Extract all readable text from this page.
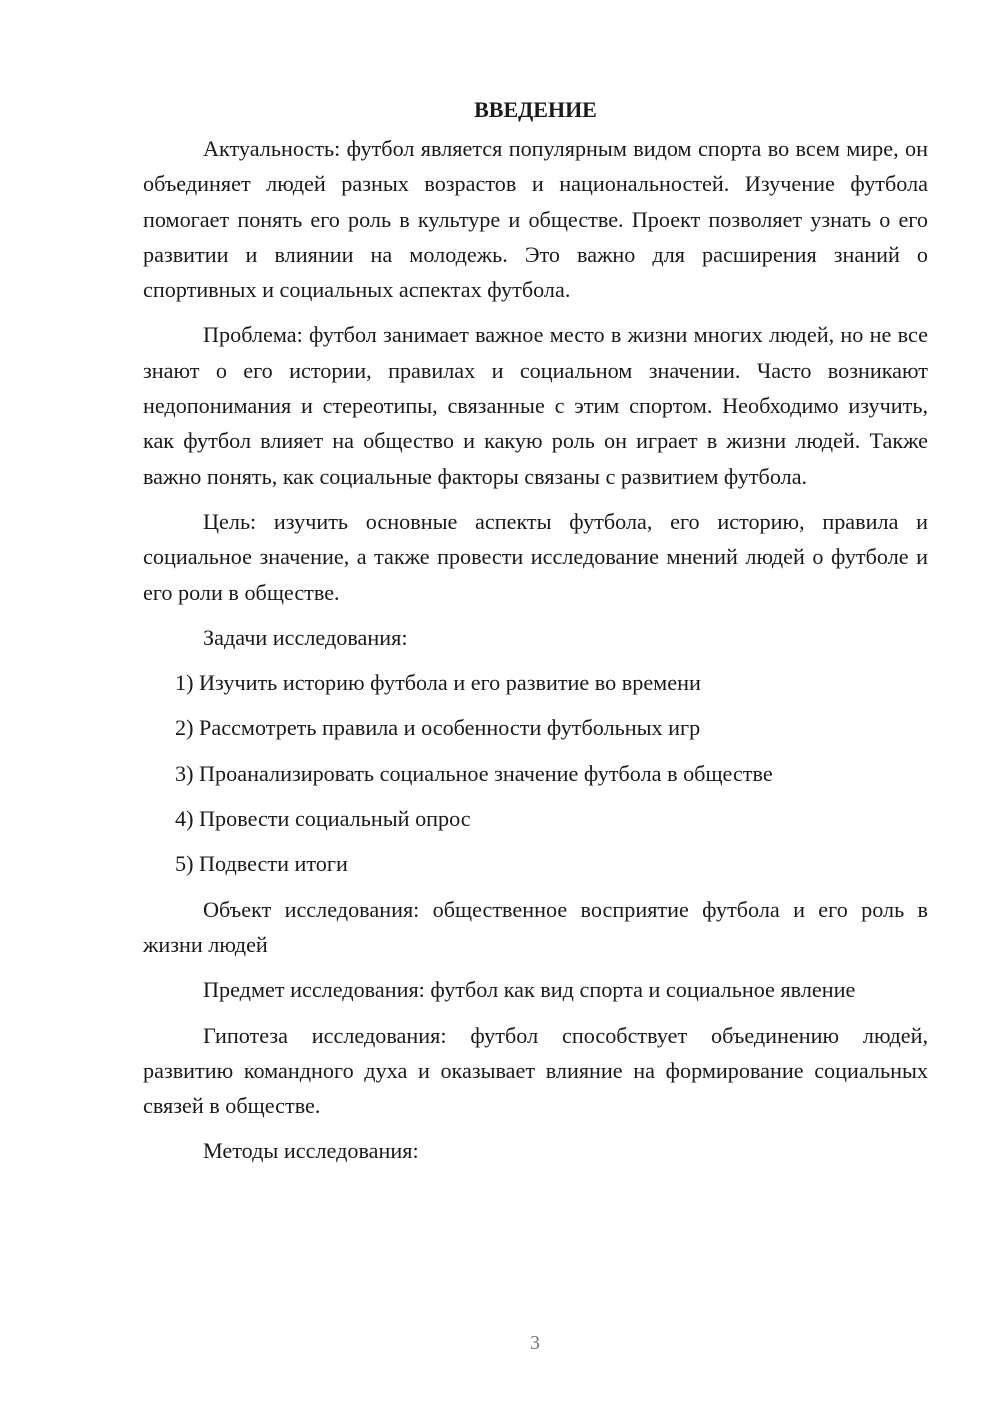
ВВЕДЕНИЕ

Актуальность: футбол является популярным видом спорта во всем мире, он объединяет людей разных возрастов и национальностей. Изучение футбола помогает понять его роль в культуре и обществе. Проект позволяет узнать о его развитии и влиянии на молодежь. Это важно для расширения знаний о спортивных и социальных аспектах футбола.

Проблема: футбол занимает важное место в жизни многих людей, но не все знают о его истории, правилах и социальном значении. Часто возникают недопонимания и стереотипы, связанные с этим спортом. Необходимо изучить, как футбол влияет на общество и какую роль он играет в жизни людей. Также важно понять, как социальные факторы связаны с развитием футбола.

Цель: изучить основные аспекты футбола, его историю, правила и социальное значение, а также провести исследование мнений людей о футболе и его роли в обществе.

Задачи исследования:

1) Изучить историю футбола и его развитие во времени
2) Рассмотреть правила и особенности футбольных игр
3) Проанализировать социальное значение футбола в обществе
4) Провести социальный опрос
5) Подвести итоги

Объект исследования: общественное восприятие футбола и его роль в жизни людей

Предмет исследования: футбол как вид спорта и социальное явление

Гипотеза исследования: футбол способствует объединению людей, развитию командного духа и оказывает влияние на формирование социальных связей в обществе.

Методы исследования:

3
